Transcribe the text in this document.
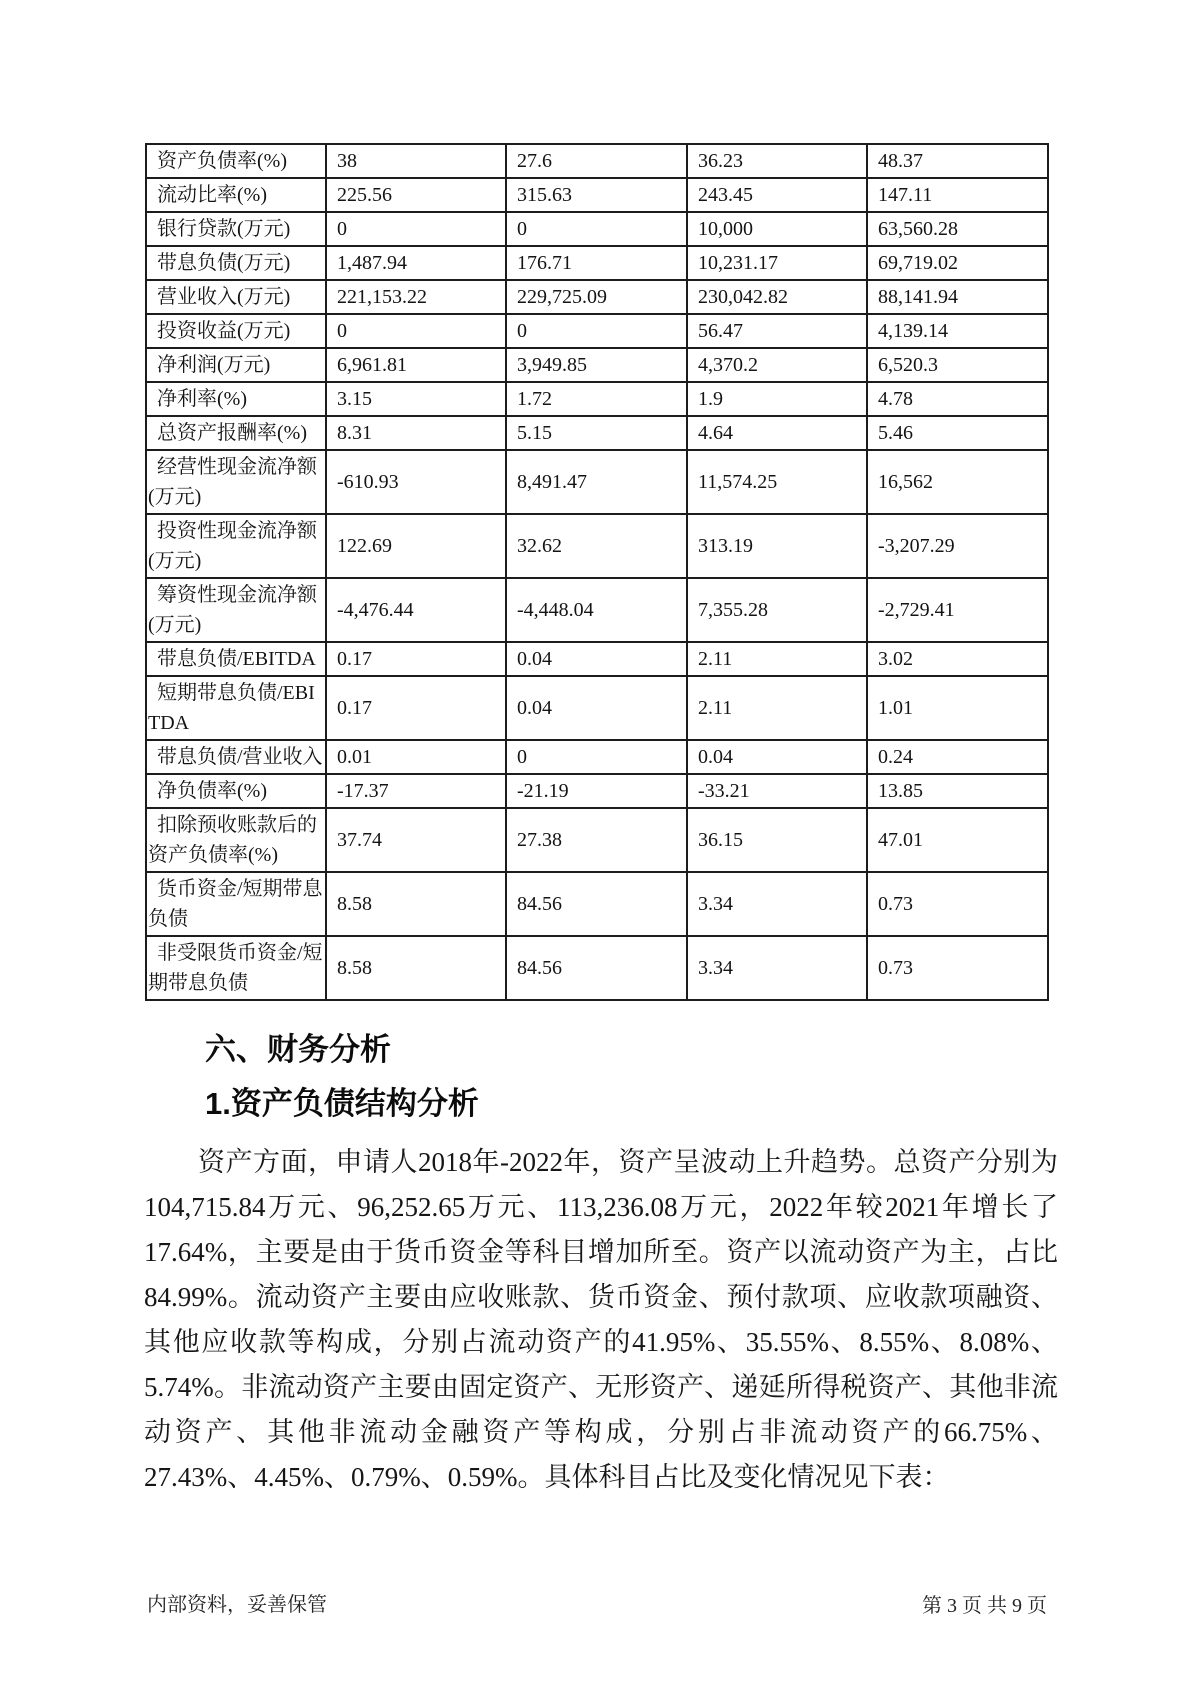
资产负债率(%)	38	27.6	36.23	48.37
流动比率(%)	225.56	315.63	243.45	147.11
银行贷款(万元)	0	0	10,000	63,560.28
带息负债(万元)	1,487.94	176.71	10,231.17	69,719.02
营业收入(万元)	221,153.22	229,725.09	230,042.82	88,141.94
投资收益(万元)	0	0	56.47	4,139.14
净利润(万元)	6,961.81	3,949.85	4,370.2	6,520.3
净利率(%)	3.15	1.72	1.9	4.78
总资产报酬率(%)	8.31	5.15	4.64	5.46
经营性现金流净额(万元)	-610.93	8,491.47	11,574.25	16,562
投资性现金流净额(万元)	122.69	32.62	313.19	-3,207.29
筹资性现金流净额(万元)	-4,476.44	-4,448.04	7,355.28	-2,729.41
带息负债/EBITDA	0.17	0.04	2.11	3.02
短期带息负债/EBITDA	0.17	0.04	2.11	1.01
带息负债/营业收入	0.01	0	0.04	0.24
净负债率(%)	-17.37	-21.19	-33.21	13.85
扣除预收账款后的资产负债率(%)	37.74	27.38	36.15	47.01
货币资金/短期带息负债	8.58	84.56	3.34	0.73
非受限货币资金/短期带息负债	8.58	84.56	3.34	0.73
六、财务分析
1.资产负债结构分析
资产方面，申请人2018年-2022年，资产呈波动上升趋势。总资产分别为104,715.84万元、96,252.65万元、113,236.08万元，2022年较2021年增长了17.64%，主要是由于货币资金等科目增加所至。资产以流动资产为主，占比84.99%。流动资产主要由应收账款、货币资金、预付款项、应收款项融资、其他应收款等构成，分别占流动资产的41.95%、35.55%、8.55%、8.08%、5.74%。非流动资产主要由固定资产、无形资产、递延所得税资产、其他非流动资产、其他非流动金融资产等构成，分别占非流动资产的66.75%、27.43%、4.45%、0.79%、0.59%。具体科目占比及变化情况见下表：
内部资料，妥善保管	第 3 页 共 9 页
